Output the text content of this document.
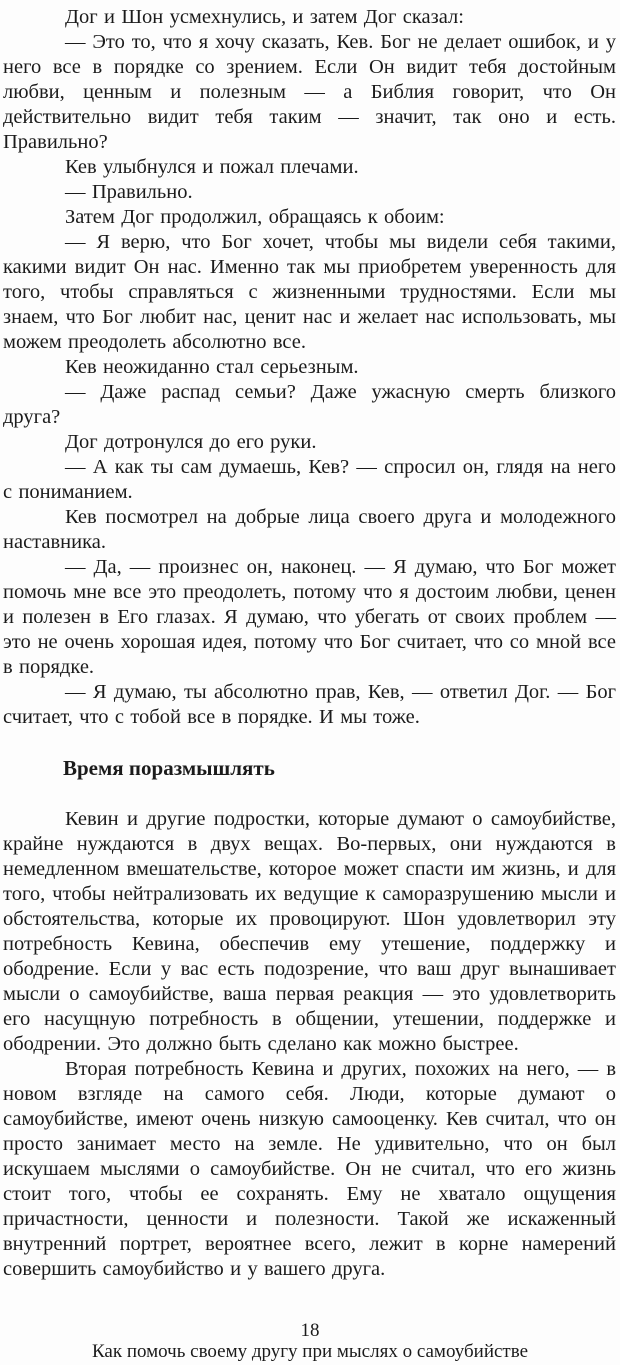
Дог и Шон усмехнулись, и затем Дог сказал:

— Это то, что я хочу сказать, Кев. Бог не делает ошибок, и у него все в порядке со зрением. Если Он видит тебя достойным любви, ценным и полезным — а Библия говорит, что Он действительно видит тебя таким — значит, так оно и есть. Правильно?

Кев улыбнулся и пожал плечами.

— Правильно.

Затем Дог продолжил, обращаясь к обоим:

— Я верю, что Бог хочет, чтобы мы видели себя такими, какими видит Он нас. Именно так мы приобретем уверенность для того, чтобы справляться с жизненными трудностями. Если мы знаем, что Бог любит нас, ценит нас и желает нас использовать, мы можем преодолеть абсолютно все.

Кев неожиданно стал серьезным.

— Даже распад семьи? Даже ужасную смерть близкого друга?

Дог дотронулся до его руки.

— А как ты сам думаешь, Кев? — спросил он, глядя на него с пониманием.

Кев посмотрел на добрые лица своего друга и молодежного наставника.

— Да, — произнес он, наконец. — Я думаю, что Бог может помочь мне все это преодолеть, потому что я достоим любви, ценен и полезен в Его глазах. Я думаю, что убегать от своих проблем — это не очень хорошая идея, потому что Бог считает, что со мной все в порядке.

— Я думаю, ты абсолютно прав, Кев, — ответил Дог. — Бог считает, что с тобой все в порядке. И мы тоже.

Время поразмышлять

Кевин и другие подростки, которые думают о самоубийстве, крайне нуждаются в двух вещах. Во-первых, они нуждаются в немедленном вмешательстве, которое может спасти им жизнь, и для того, чтобы нейтрализовать их ведущие к саморазрушению мысли и обстоятельства, которые их провоцируют. Шон удовлетворил эту потребность Кевина, обеспечив ему утешение, поддержку и ободрение. Если у вас есть подозрение, что ваш друг вынашивает мысли о самоубийстве, ваша первая реакция — это удовлетворить его насущную потребность в общении, утешении, поддержке и ободрении. Это должно быть сделано как можно быстрее.

Вторая потребность Кевина и других, похожих на него, — в новом взгляде на самого себя. Люди, которые думают о самоубийстве, имеют очень низкую самооценку. Кев считал, что он просто занимает место на земле. Не удивительно, что он был искушаем мыслями о самоубийстве. Он не считал, что его жизнь стоит того, чтобы ее сохранять. Ему не хватало ощущения причастности, ценности и полезности. Такой же искаженный внутренний портрет, вероятнее всего, лежит в корне намерений совершить самоубийство и у вашего друга.

18
Как помочь своему другу при мыслях о самоубийстве
